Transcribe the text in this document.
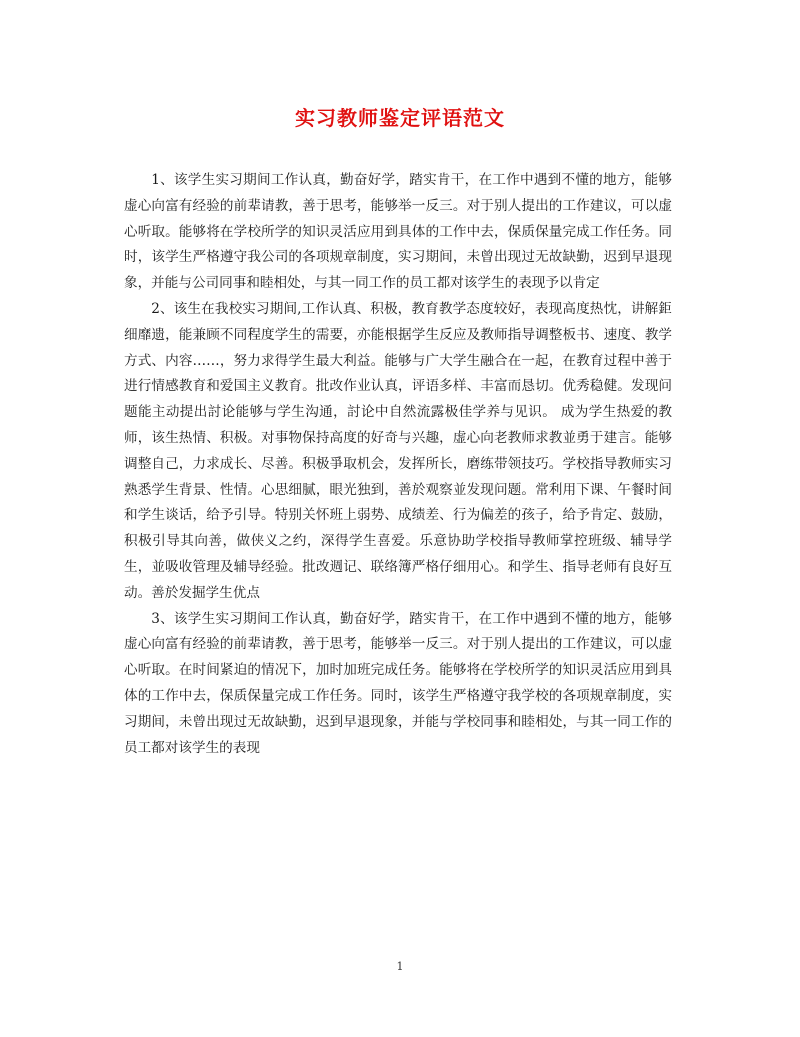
实习教师鉴定评语范文

1、该学生实习期间工作认真，勤奋好学，踏实肯干，在工作中遇到不懂的地方，能够虚心向富有经验的前辈请教，善于思考，能够举一反三。对于别人提出的工作建议，可以虚心听取。能够将在学校所学的知识灵活应用到具体的工作中去，保质保量完成工作任务。同时，该学生严格遵守我公司的各项规章制度，实习期间，未曾出现过无故缺勤，迟到早退现象，并能与公司同事和睦相处，与其一同工作的员工都对该学生的表现予以肯定

2、该生在我校实习期间,工作认真、积极，教育教学态度较好，表现高度热忱，讲解鉅细靡遗，能兼顾不同程度学生的需要，亦能根据学生反应及教师指导调整板书、速度、教学方式、内容……，努力求得学生最大利益。能够与广大学生融合在一起，在教育过程中善于进行情感教育和爱国主义教育。批改作业认真，评语多样、丰富而恳切。优秀稳健。发现问题能主动提出討论能够与学生沟通，討论中自然流露极佳学养与见识。 成为学生热爱的教师，该生热情、积极。对事物保持高度的好奇与兴趣，虚心向老教师求教並勇于建言。能够调整自己，力求成长、尽善。积极爭取机会，发挥所长，磨练带领技巧。学校指导教师实习熟悉学生背景、性情。心思细腻，眼光独到，善於观察並发现问题。常利用下课、午餐时间和学生谈话，给予引导。特别关怀班上弱势、成绩差、行为偏差的孩子，给予肯定、鼓励，积极引导其向善，做侠义之约，深得学生喜爱。乐意协助学校指导教师掌控班级、辅导学生，並吸收管理及辅导经验。批改週记、联络簿严格仔细用心。和学生、指导老师有良好互动。善於发掘学生优点

3、该学生实习期间工作认真，勤奋好学，踏实肯干，在工作中遇到不懂的地方，能够虚心向富有经验的前辈请教，善于思考，能够举一反三。对于别人提出的工作建议，可以虚心听取。在时间紧迫的情况下，加时加班完成任务。能够将在学校所学的知识灵活应用到具体的工作中去，保质保量完成工作任务。同时，该学生严格遵守我学校的各项规章制度，实习期间，未曾出现过无故缺勤，迟到早退现象，并能与学校同事和睦相处，与其一同工作的员工都对该学生的表现

1
